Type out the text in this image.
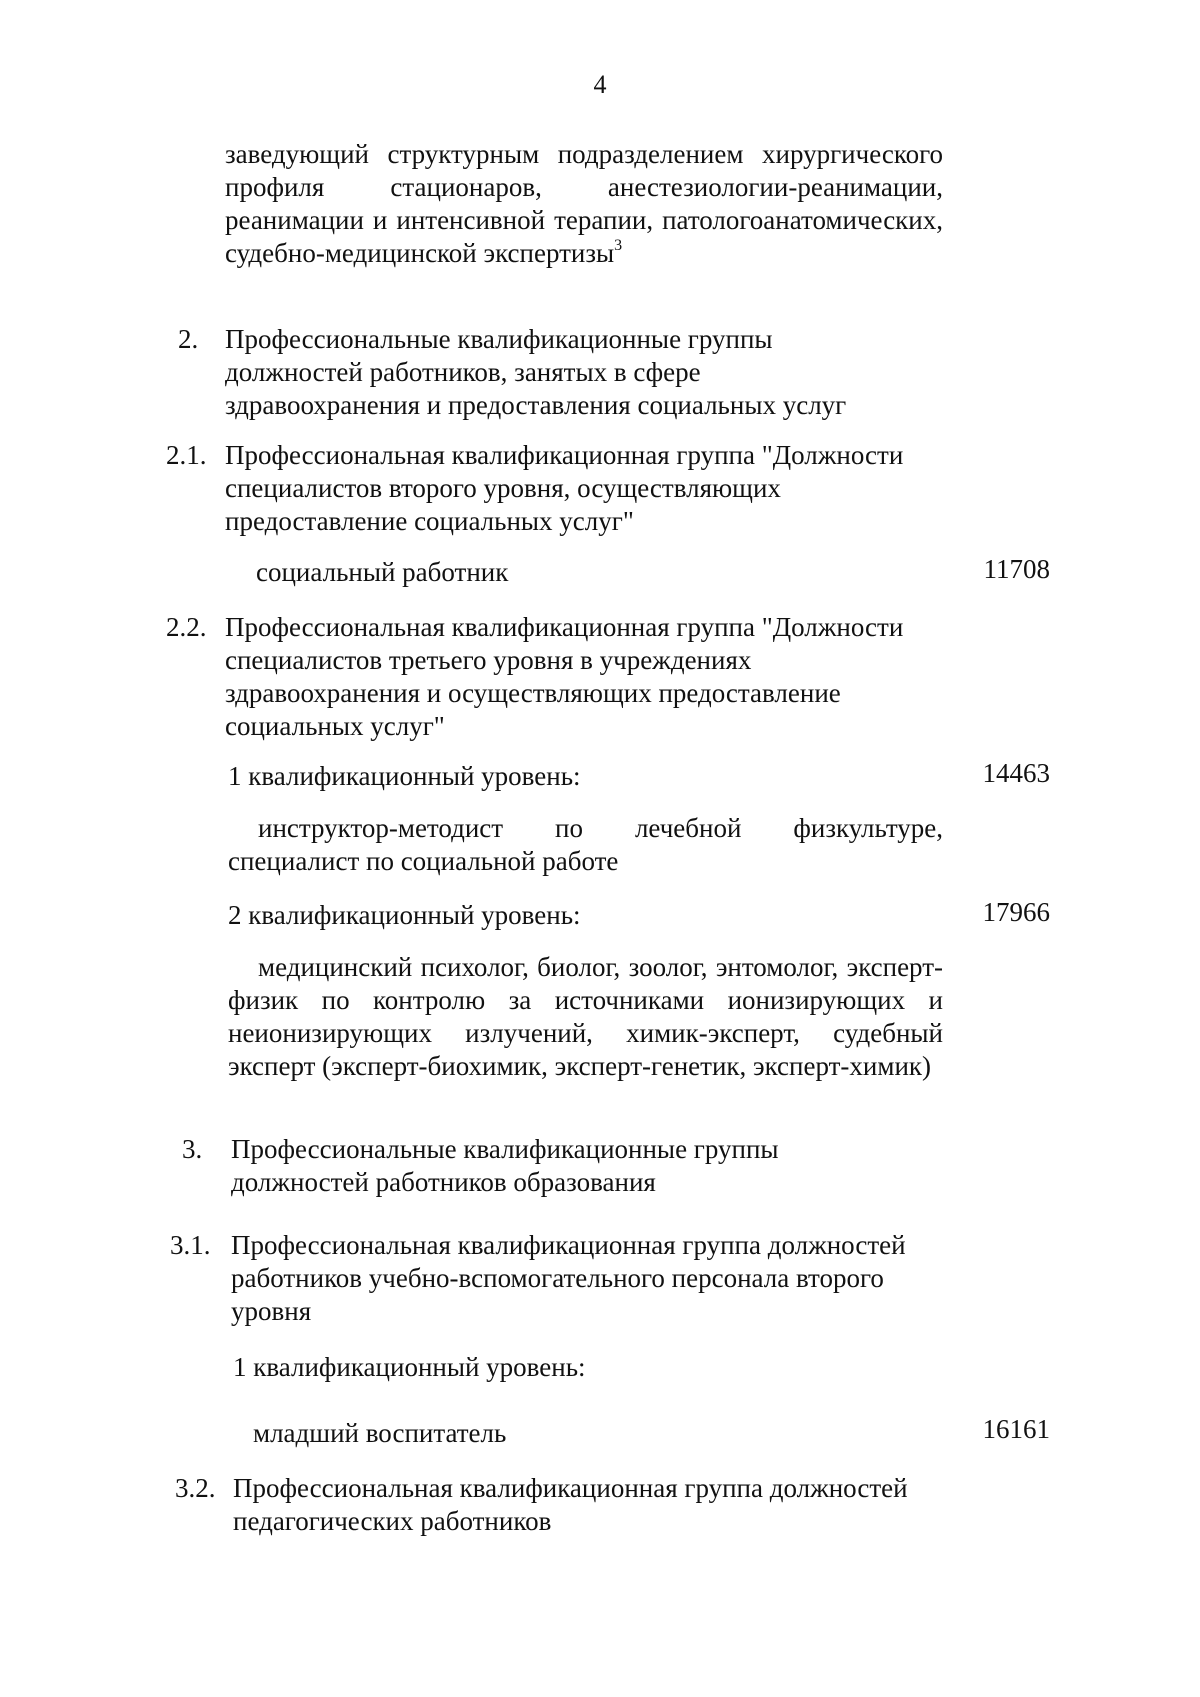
4
заведующий структурным подразделением хирургического профиля стационаров, анестезиологии-реанимации, реанимации и интенсивной терапии, патологоанатомических, судебно-медицинской экспертизы$^3$
2. Профессиональные квалификационные группы должностей работников, занятых в сфере здравоохранения и предоставления социальных услуг
2.1. Профессиональная квалификационная группа "Должности специалистов второго уровня, осуществляющих предоставление социальных услуг"
социальный работник	11708
2.2. Профессиональная квалификационная группа "Должности специалистов третьего уровня в учреждениях здравоохранения и осуществляющих предоставление социальных услуг"
1 квалификационный уровень:	14463
инструктор-методист по лечебной физкультуре, специалист по социальной работе
2 квалификационный уровень:	17966
медицинский психолог, биолог, зоолог, энтомолог, эксперт-физик по контролю за источниками ионизирующих и неионизирующих излучений, химик-эксперт, судебный эксперт (эксперт-биохимик, эксперт-генетик, эксперт-химик)
3. Профессиональные квалификационные группы должностей работников образования
3.1. Профессиональная квалификационная группа должностей работников учебно-вспомогательного персонала второго уровня
1 квалификационный уровень:
младший воспитатель	16161
3.2. Профессиональная квалификационная группа должностей педагогических работников
